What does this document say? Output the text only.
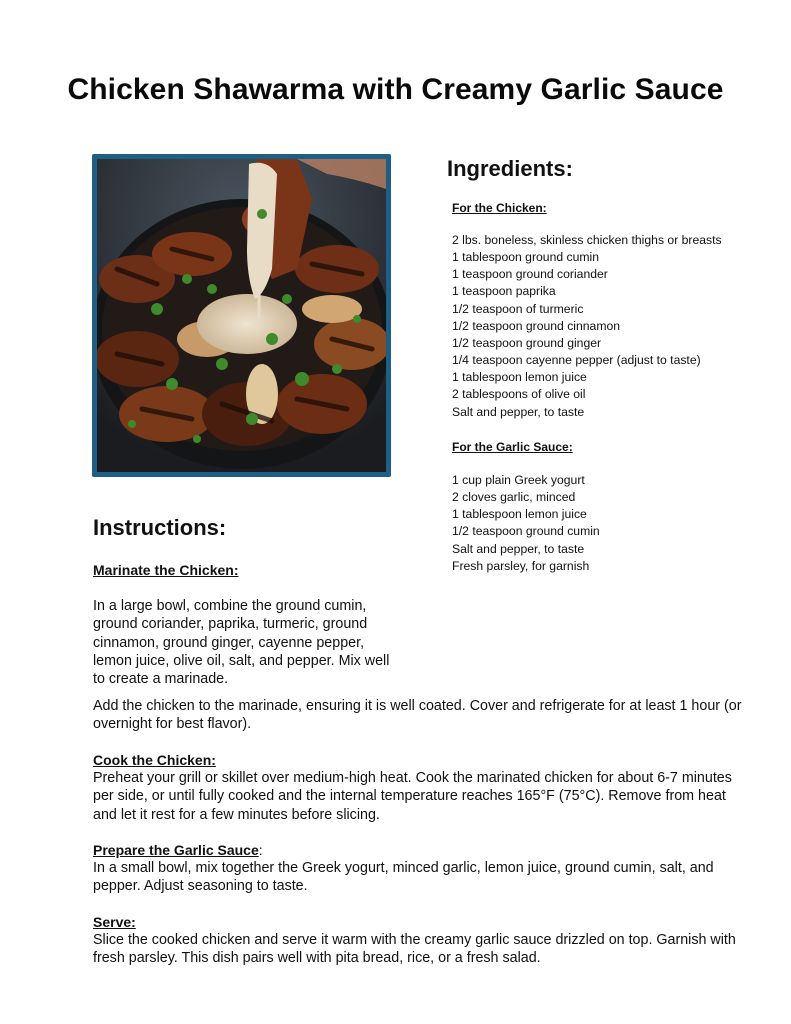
Chicken Shawarma with Creamy Garlic Sauce
Ingredients:
For the Chicken:
2 lbs. boneless, skinless chicken thighs or breasts
1 tablespoon ground cumin
1 teaspoon ground coriander
1 teaspoon paprika
1/2 teaspoon of turmeric
1/2 teaspoon ground cinnamon
1/2 teaspoon ground ginger
1/4 teaspoon cayenne pepper (adjust to taste)
1 tablespoon lemon juice
2 tablespoons of olive oil
Salt and pepper, to taste
For the Garlic Sauce:
1 cup plain Greek yogurt
2 cloves garlic, minced
1 tablespoon lemon juice
1/2 teaspoon ground cumin
Salt and pepper, to taste
Fresh parsley, for garnish
Instructions:
Marinate the Chicken:

In a large bowl, combine the ground cumin, ground coriander, paprika, turmeric, ground cinnamon, ground ginger, cayenne pepper, lemon juice, olive oil, salt, and pepper. Mix well to create a marinade.

Add the chicken to the marinade, ensuring it is well coated. Cover and refrigerate for at least 1 hour (or overnight for best flavor).

Cook the Chicken:

Preheat your grill or skillet over medium-high heat. Cook the marinated chicken for about 6-7 minutes per side, or until fully cooked and the internal temperature reaches 165°F (75°C). Remove from heat and let it rest for a few minutes before slicing.

Prepare the Garlic Sauce:

In a small bowl, mix together the Greek yogurt, minced garlic, lemon juice, ground cumin, salt, and pepper. Adjust seasoning to taste.

Serve:

Slice the cooked chicken and serve it warm with the creamy garlic sauce drizzled on top. Garnish with fresh parsley. This dish pairs well with pita bread, rice, or a fresh salad.
